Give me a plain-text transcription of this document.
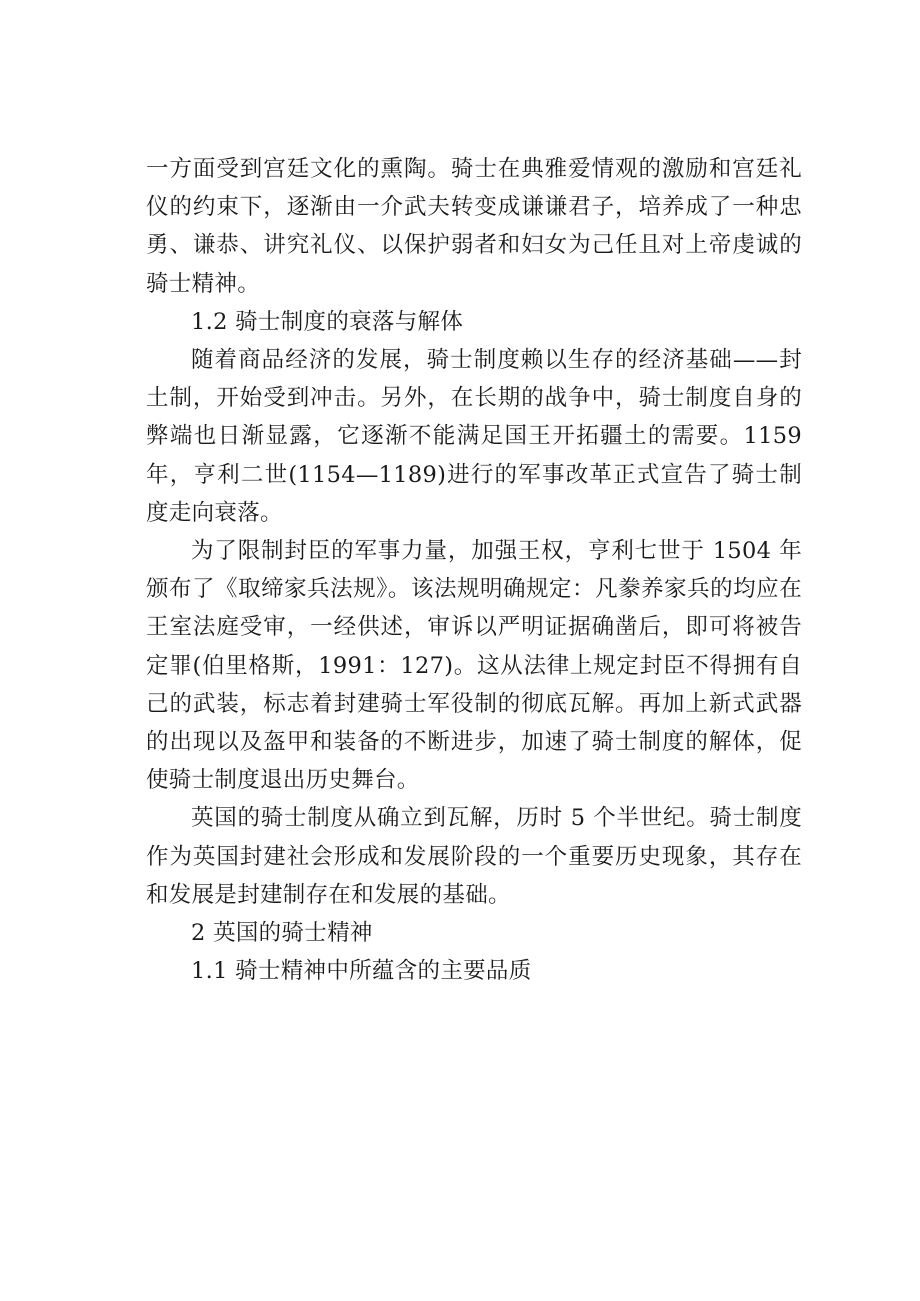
一方面受到宫廷文化的熏陶。骑士在典雅爱情观的激励和宫廷礼仪的约束下，逐渐由一介武夫转变成谦谦君子，培养成了一种忠勇、谦恭、讲究礼仪、以保护弱者和妇女为己任且对上帝虔诚的骑士精神。

1.2 骑士制度的衰落与解体

随着商品经济的发展，骑士制度赖以生存的经济基础——封土制，开始受到冲击。另外，在长期的战争中，骑士制度自身的弊端也日渐显露，它逐渐不能满足国王开拓疆土的需要。1159 年，亨利二世(1154—1189)进行的军事改革正式宣告了骑士制度走向衰落。

为了限制封臣的军事力量，加强王权，亨利七世于 1504 年颁布了《取缔家兵法规》。该法规明确规定：凡豢养家兵的均应在王室法庭受审，一经供述，审诉以严明证据确凿后，即可将被告定罪(伯里格斯，1991：127)。这从法律上规定封臣不得拥有自己的武装，标志着封建骑士军役制的彻底瓦解。再加上新式武器的出现以及盔甲和装备的不断进步，加速了骑士制度的解体，促使骑士制度退出历史舞台。

英国的骑士制度从确立到瓦解，历时 5 个半世纪。骑士制度作为英国封建社会形成和发展阶段的一个重要历史现象，其存在和发展是封建制存在和发展的基础。

2 英国的骑士精神

1.1 骑士精神中所蕴含的主要品质
